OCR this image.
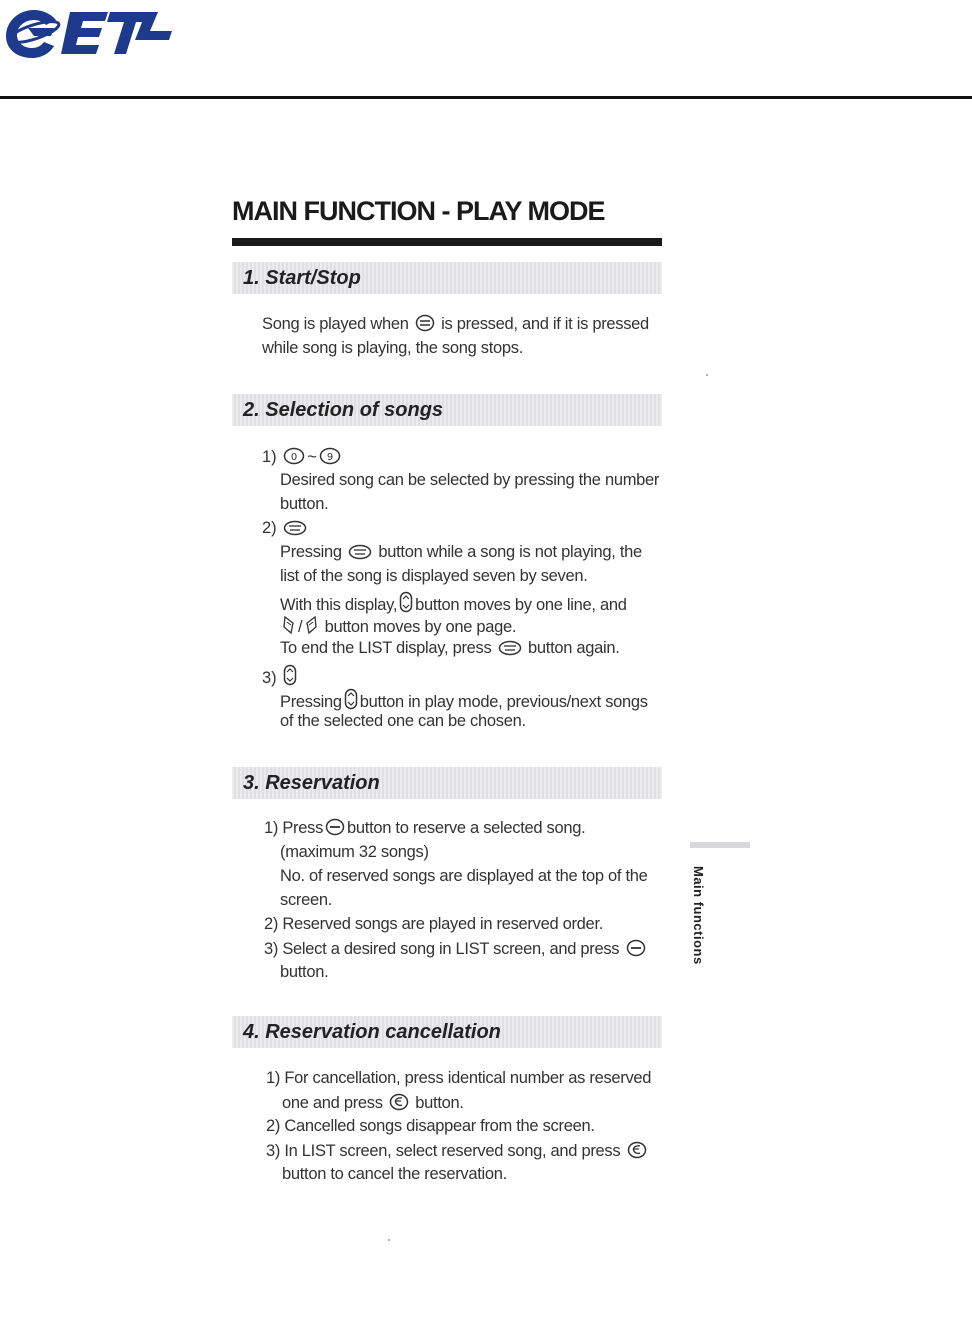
MAIN FUNCTION - PLAY MODE
1. Start/Stop
Song is played when is pressed, and if it is pressed
while song is playing, the song stops.
2. Selection of songs
1) 0 ~ 9
Desired song can be selected by pressing the number
button.
2)
Pressing button while a song is not playing, the
list of the song is displayed seven by seven.
With this display, button moves by one line, and
/ button moves by one page.
To end the LIST display, press button again.
3)
Pressing button in play mode, previous/next songs
of the selected one can be chosen.
3. Reservation
1) Press button to reserve a selected song.
(maximum 32 songs)
No. of reserved songs are displayed at the top of the
screen.
2) Reserved songs are played in reserved order.
3) Select a desired song in LIST screen, and press
button.
4. Reservation cancellation
1) For cancellation, press identical number as reserved
one and press button.
2) Cancelled songs disappear from the screen.
3) In LIST screen, select reserved song, and press
button to cancel the reservation.
Main functions
